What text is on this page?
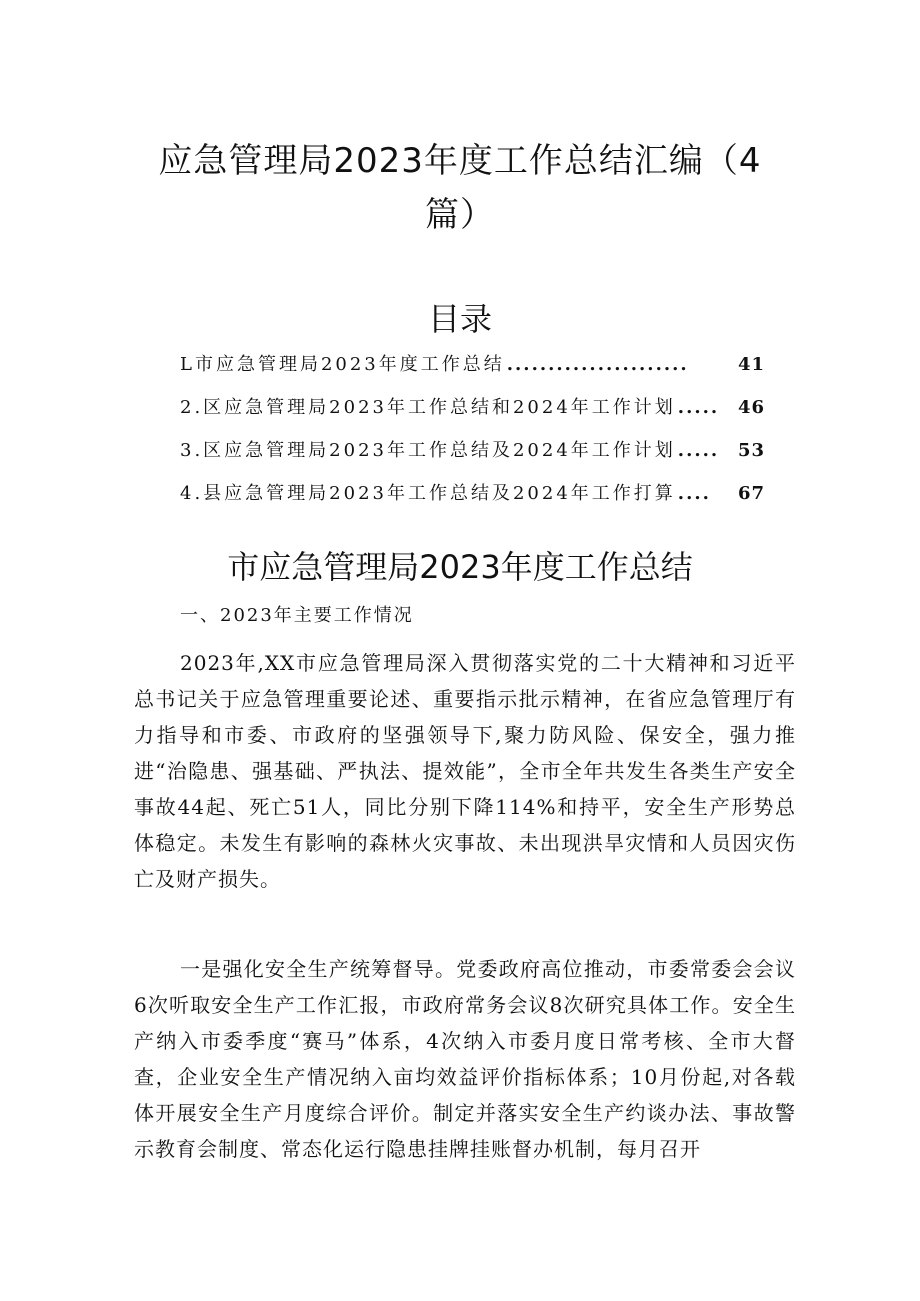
应急管理局2023年度工作总结汇编（4
篇）
目录
L市应急管理局2023年度工作总结 ......................	41
2.区应急管理局2023年工作总结和2024年工作计划 .....	46
3.区应急管理局2023年工作总结及2024年工作计划 .....	53
4.县应急管理局2023年工作总结及2024年工作打算 ....	67
市应急管理局2023年度工作总结
一、2023年主要工作情况

2023年,XX市应急管理局深入贯彻落实党的二十大精神和习近平总书记关于应急管理重要论述、重要指示批示精神，在省应急管理厅有力指导和市委、市政府的坚强领导下,聚力防风险、保安全，强力推进“治隐患、强基础、严执法、提效能”，全市全年共发生各类生产安全事故44起、死亡51人，同比分别下降114%和持平，安全生产形势总体稳定。未发生有影响的森林火灾事故、未出现洪旱灾情和人员因灾伤亡及财产损失。

一是强化安全生产统筹督导。党委政府高位推动，市委常委会会议6次听取安全生产工作汇报，市政府常务会议8次研究具体工作。安全生产纳入市委季度“赛马”体系，4次纳入市委月度日常考核、全市大督查，企业安全生产情况纳入亩均效益评价指标体系；10月份起,对各载体开展安全生产月度综合评价。制定并落实安全生产约谈办法、事故警示教育会制度、常态化运行隐患挂牌挂账督办机制，每月召开
